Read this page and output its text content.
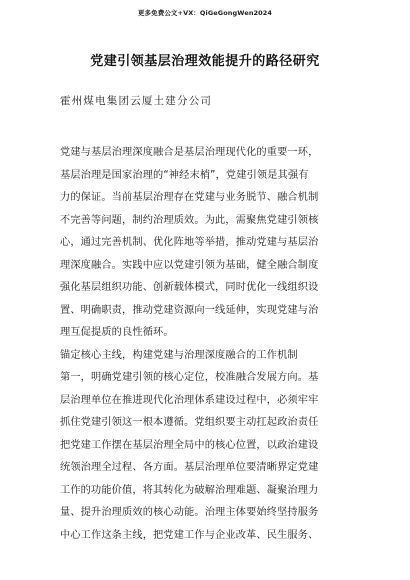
更多免费公文+VX：QiGeGongWen2024
党建引领基层治理效能提升的路径研究
霍州煤电集团云厦土建分公司
党建与基层治理深度融合是基层治理现代化的重要一环，
基层治理是国家治理的“神经末梢”，党建引领是其强有
力的保证。当前基层治理存在党建与业务脱节、融合机制
不完善等问题，制约治理质效。为此，需聚焦党建引领核
心，通过完善机制、优化阵地等举措，推动党建与基层治
理深度融合。实践中应以党建引领为基础，健全融合制度
强化基层组织功能、创新载体模式，同时优化一线组织设
置、明确职责，推动党建资源向一线延伸，实现党建与治
理互促提质的良性循环。
锚定核心主线，构建党建与治理深度融合的工作机制
第一，明确党建引领的核心定位，校准融合发展方向。基
层治理单位在推进现代化治理体系建设过程中，必须牢牢
抓住党建引领这一根本遵循。党组织要主动扛起政治责任
把党建工作摆在基层治理全局中的核心位置，以政治建设
统领治理全过程、各方面。基层治理单位要清晰界定党建
工作的功能价值，将其转化为破解治理难题、凝聚治理力
量、提升治理质效的核心动能。治理主体要始终坚持服务
中心工作这条主线，把党建工作与企业改革、民生服务、
